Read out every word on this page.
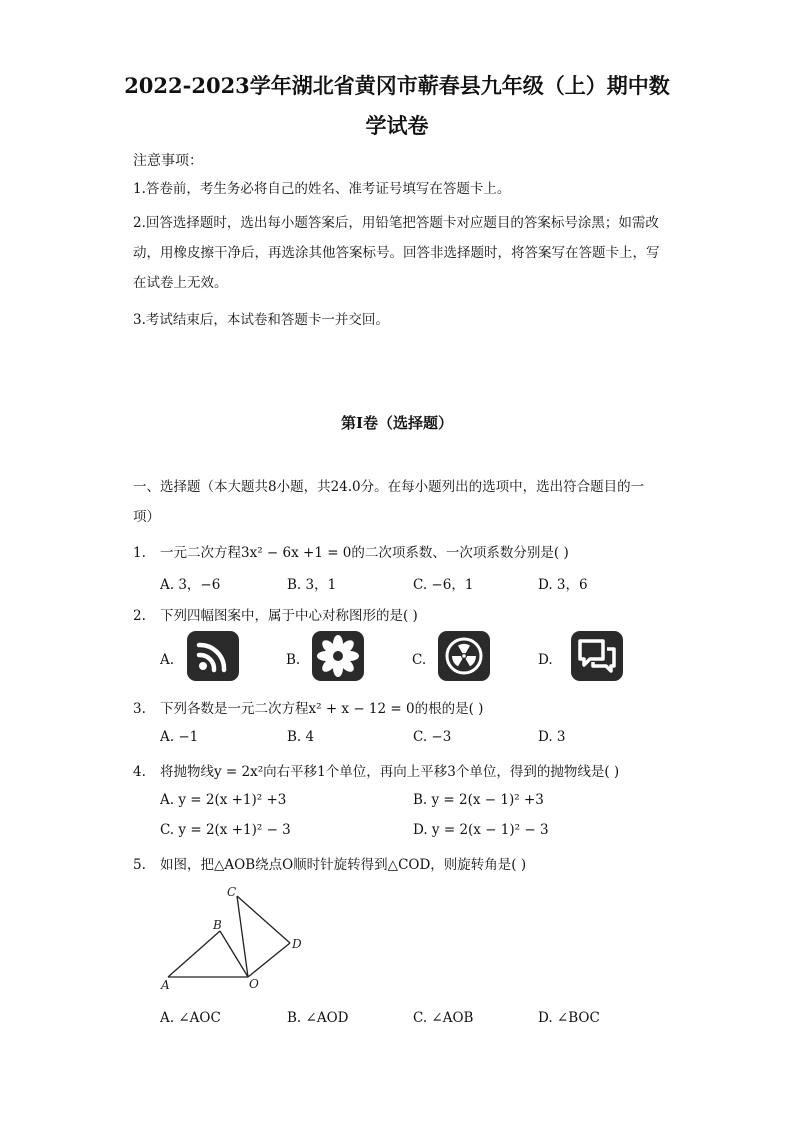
2022-2023学年湖北省黄冈市蕲春县九年级（上）期中数
学试卷
注意事项：
1.答卷前，考生务必将自己的姓名、准考证号填写在答题卡上。
2.回答选择题时，选出每小题答案后，用铅笔把答题卡对应题目的答案标号涂黑；如需改动，用橡皮擦干净后，再选涂其他答案标号。回答非选择题时，将答案写在答题卡上，写在试卷上无效。
3.考试结束后，本试卷和答题卡一并交回。
第Ⅰ卷（选择题）
一、选择题（本大题共8小题，共24.0分。在每小题列出的选项中，选出符合题目的一项）
1. 一元二次方程3x² − 6x +1 = 0的二次项系数、一次项系数分别是( )
A. 3，−6	B. 3，1	C. −6，1	D. 3，6
2. 下列四幅图案中，属于中心对称图形的是( )
A.	B.	C.	D.
3. 下列各数是一元二次方程x² + x − 12 = 0的根的是( )
A. −1	B. 4	C. −3	D. 3
4. 将抛物线y = 2x²向右平移1个单位，再向上平移3个单位，得到的抛物线是( )
A. y = 2(x +1)² +3	B. y = 2(x − 1)² +3
C. y = 2(x +1)² − 3	D. y = 2(x − 1)² − 3
5. 如图，把△AOB绕点O顺时针旋转得到△COD，则旋转角是( )
A
B
C
D
O
A. ∠AOC	B. ∠AOD	C. ∠AOB	D. ∠BOC
